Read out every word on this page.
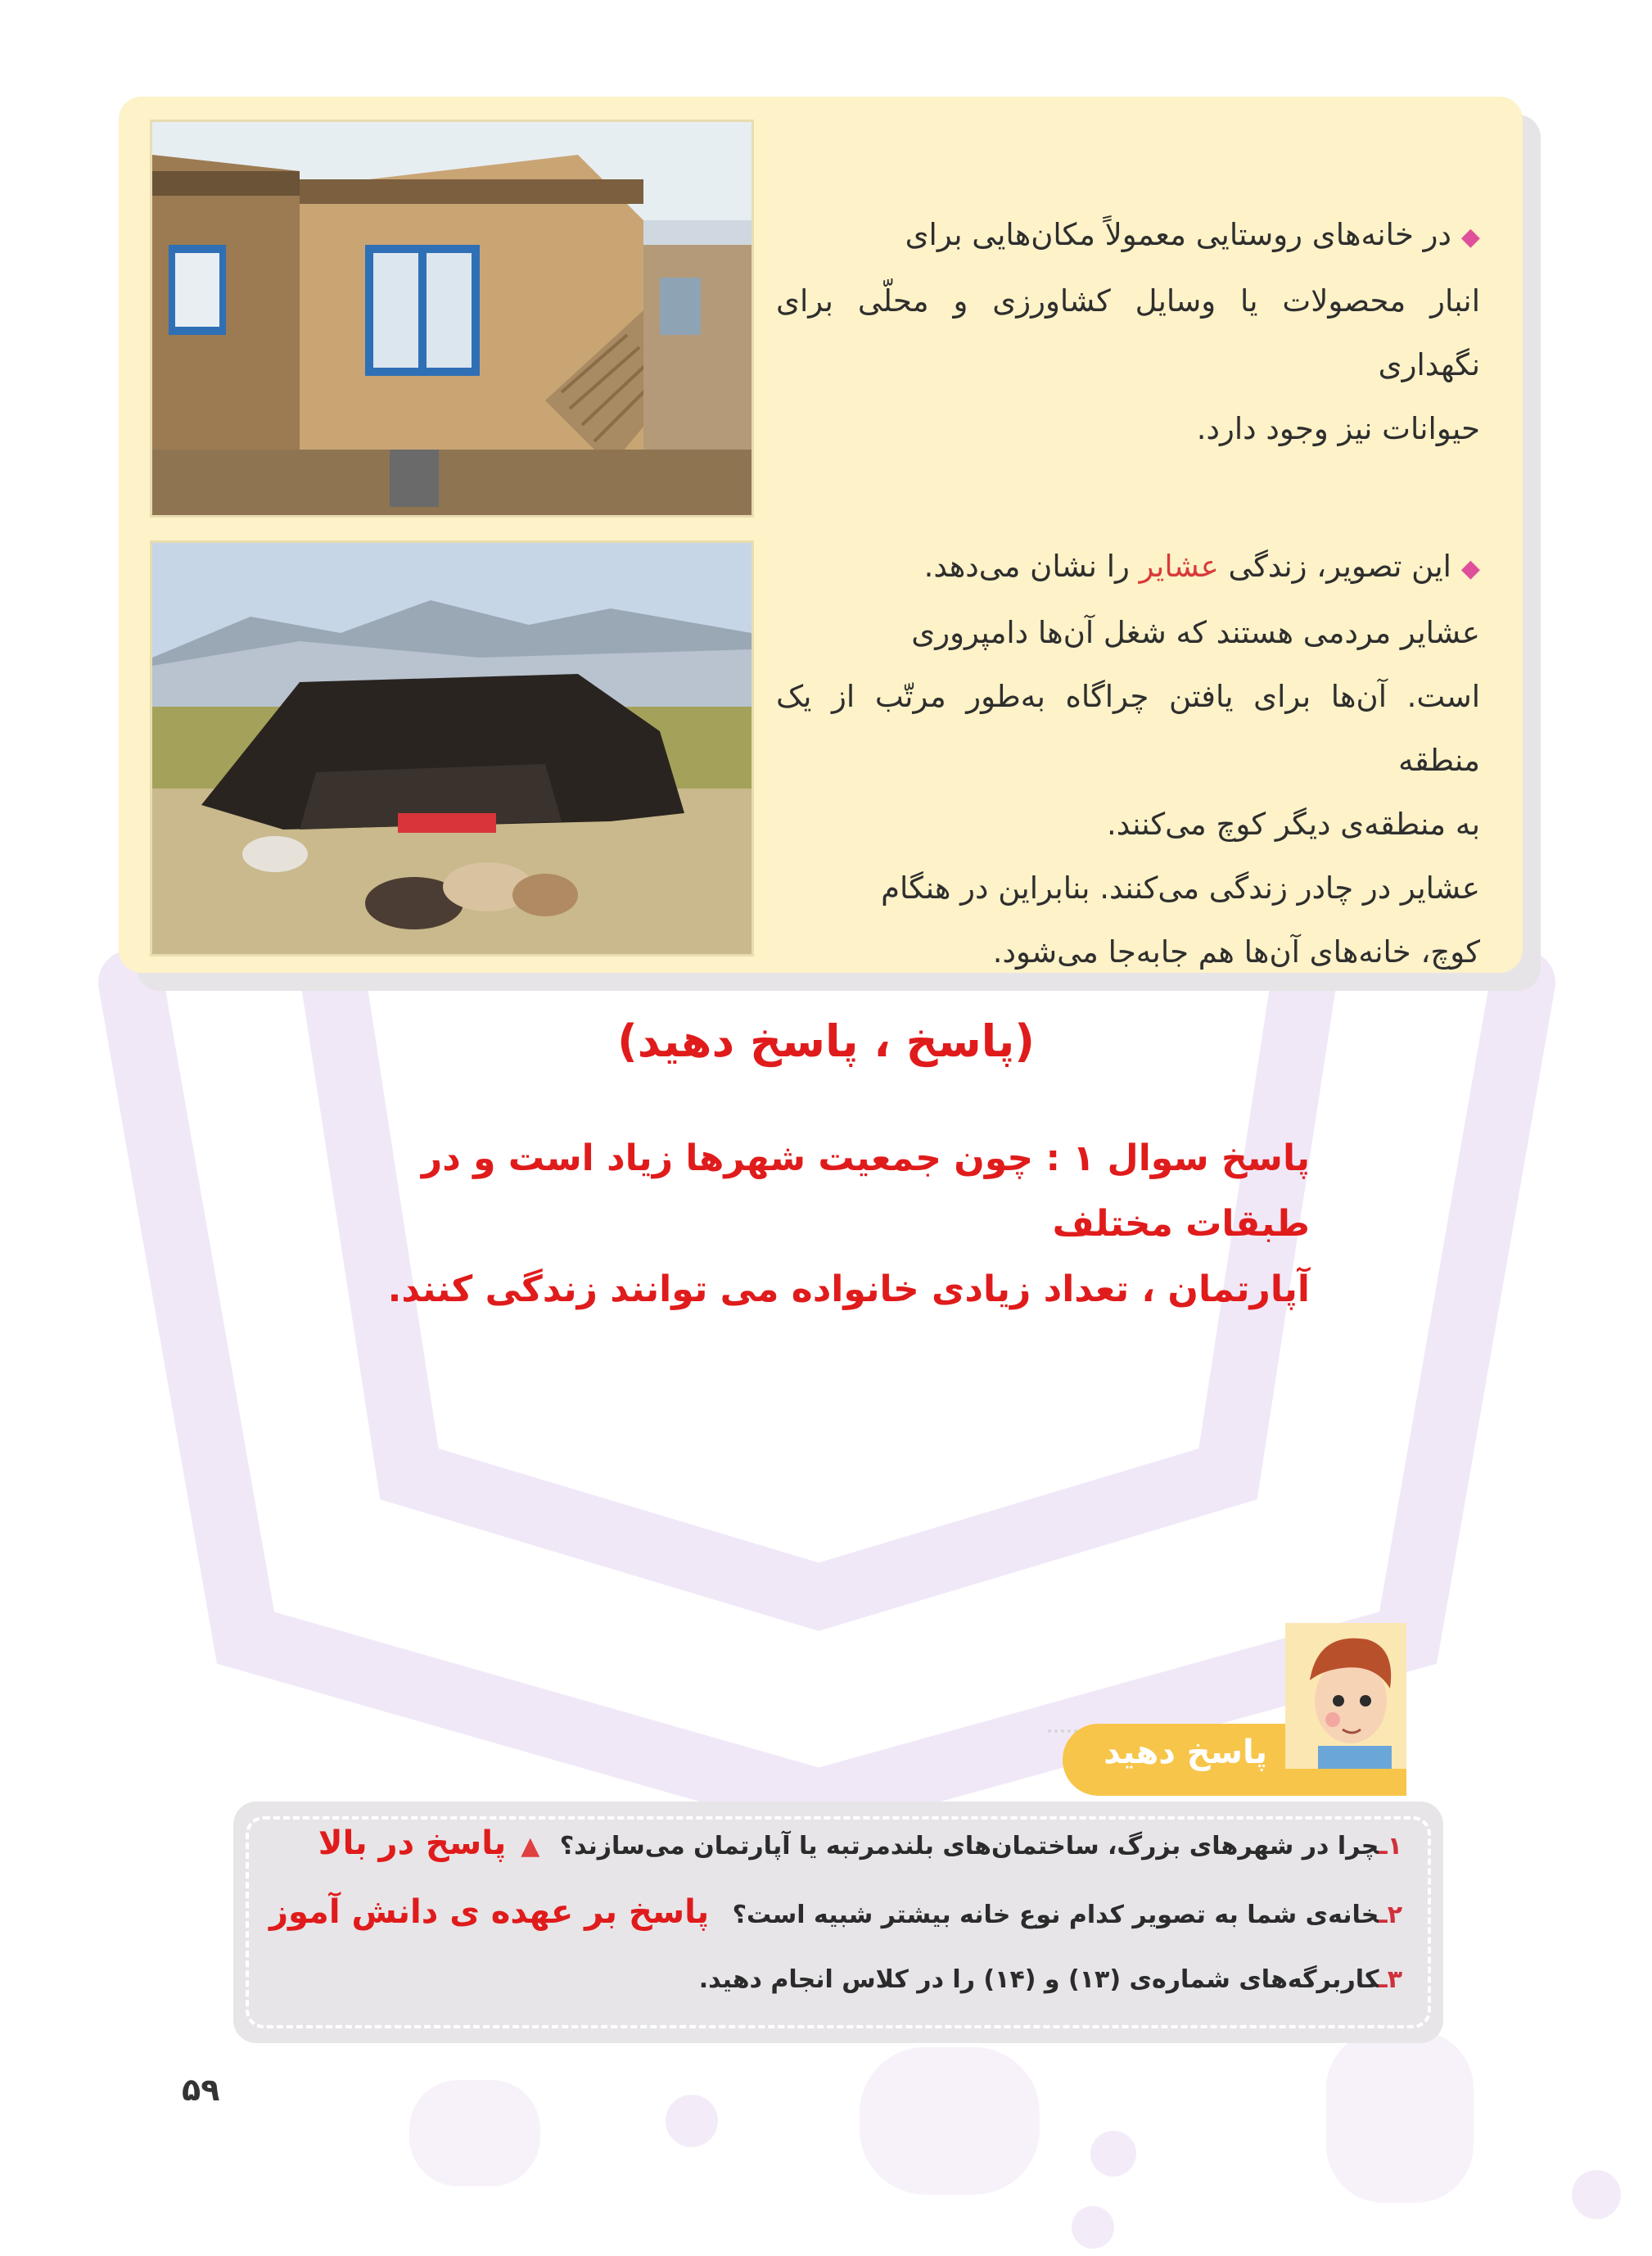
◆در خانه‌های روستایی معمولاً مکان‌هایی برای
انبار محصولات یا وسایل کشاورزی و محلّی برای نگهداری
حیوانات نیز وجود دارد.
◆این تصویر، زندگی عشایر را نشان می‌دهد.
عشایر مردمی هستند که شغل آن‌ها دامپروری
است. آن‌ها برای یافتن چراگاه به‌طور مرتّب از یک منطقه
به منطقه‌ی دیگر کوچ می‌کنند.
عشایر در چادر زندگی می‌کنند. بنابراین در هنگام
کوچ، خانه‌های آن‌ها هم جابه‌جا می‌شود.
(پاسخ ، پاسخ دهید)
پاسخ سوال ۱ : چون جمعیت شهرها زیاد است و در طبقات مختلف
آپارتمان ، تعداد زیادی خانواده می توانند زندگی کنند.
پاسخ دهید
۱ـچرا در شهرهای بزرگ، ساختمان‌های بلندمرتبه یا آپارتمان می‌سازند؟ ▲پاسخ در بالا
۲ـخانه‌ی شما به تصویر کدام نوع خانه بیشتر شبیه است؟ پاسخ بر عهده ی دانش آموز
۳ـکاربرگه‌های شماره‌ی (۱۳) و (۱۴) را در کلاس انجام دهید.
۵۹
